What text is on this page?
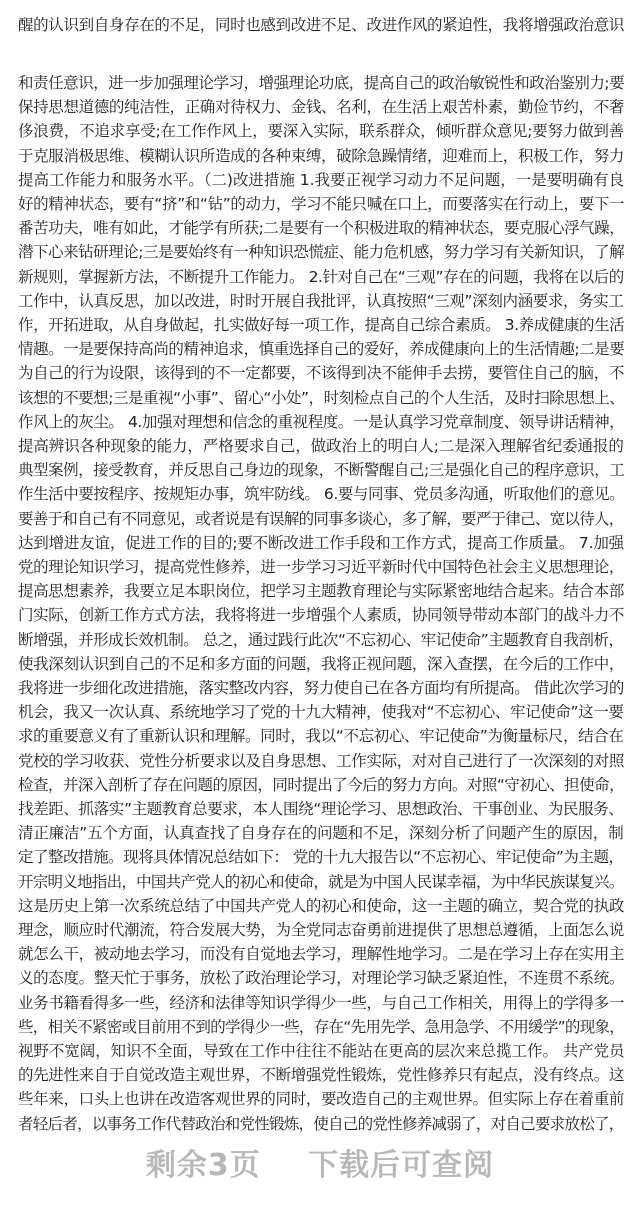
醒的认识到自身存在的不足，同时也感到改进不足、改进作风的紧迫性，我将增强政治意识
和责任意识，进一步加强理论学习，增强理论功底，提高自己的政治敏锐性和政治鉴别力;要
保持思想道德的纯洁性，正确对待权力、金钱、名利，在生活上艰苦朴素，勤俭节约，不奢
侈浪费，不追求享受;在工作作风上，要深入实际，联系群众，倾听群众意见;要努力做到善
于克服消极思维、模糊认识所造成的各种束缚，破除急躁情绪，迎难而上，积极工作，努力
提高工作能力和服务水平。（二)改进措施 1.我要正视学习动力不足问题，一是要明确有良
好的精神状态，要有“挤”和“钻”的动力，学习不能只喊在口上，而要落实在行动上，要下一
番苦功夫，唯有如此，才能学有所获;二是要有一个积极进取的精神状态，要克服心浮气躁，
潜下心来钻研理论;三是要始终有一种知识恐慌症、能力危机感，努力学习有关新知识，了解
新规则，掌握新方法，不断提升工作能力。 2.针对自己在“三观”存在的问题，我将在以后的
工作中，认真反思，加以改进，时时开展自我批评，认真按照“三观”深刻内涵要求，务实工
作，开拓进取，从自身做起，扎实做好每一项工作，提高自己综合素质。 3.养成健康的生活
情趣。一是要保持高尚的精神追求，慎重选择自己的爱好，养成健康向上的生活情趣;二是要
为自己的行为设限，该得到的不一定都要，不该得到决不能伸手去捞，要管住自己的脑，不
该想的不要想;三是重视“小事”、留心“小处”，时刻检点自己的个人生活，及时扫除思想上、
作风上的灰尘。 4.加强对理想和信念的重视程度。一是认真学习党章制度、领导讲话精神，
提高辨识各种现象的能力，严格要求自己，做政治上的明白人;二是深入理解省纪委通报的
典型案例，接受教育，并反思自己身边的现象，不断警醒自己;三是强化自己的程序意识，工
作生活中要按程序、按规矩办事，筑牢防线。 6.要与同事、党员多沟通，听取他们的意见。
要善于和自己有不同意见，或者说是有误解的同事多谈心，多了解，要严于律己、宽以待人，
达到增进友谊，促进工作的目的;要不断改进工作手段和工作方式，提高工作质量。 7.加强
党的理论知识学习，提高党性修养，进一步学习习近平新时代中国特色社会主义思想理论，
提高思想素养，我要立足本职岗位，把学习主题教育理论与实际紧密地结合起来。结合本部
门实际，创新工作方式方法，我将将进一步增强个人素质，协同领导带动本部门的战斗力不
断增强，并形成长效机制。 总之，通过践行此次“不忘初心、牢记使命”主题教育自我剖析，
使我深刻认识到自己的不足和多方面的问题，我将正视问题，深入查摆，在今后的工作中，
我将进一步细化改进措施，落实整改内容，努力使自己在各方面均有所提高。 借此次学习的
机会，我又一次认真、系统地学习了党的十九大精神，使我对“不忘初心、牢记使命”这一要
求的重要意义有了重新认识和理解。同时，我以“不忘初心、牢记使命”为衡量标尺，结合在
党校的学习收获、党性分析要求以及自身思想、工作实际，对对自己进行了一次深刻的对照
检查，并深入剖析了存在问题的原因，同时提出了今后的努力方向。对照“守初心、担使命，
找差距、抓落实”主题教育总要求，本人围绕“理论学习、思想政治、干事创业、为民服务、
清正廉洁”五个方面，认真查找了自身存在的问题和不足，深刻分析了问题产生的原因，制
定了整改措施。现将具体情况总结如下： 党的十九大报告以“不忘初心、牢记使命”为主题，
开宗明义地指出，中国共产党人的初心和使命，就是为中国人民谋幸福，为中华民族谋复兴。
这是历史上第一次系统总结了中国共产党人的初心和使命，这一主题的确立，契合党的执政
理念，顺应时代潮流，符合发展大势，为全党同志奋勇前进提供了思想总遵循，上面怎么说
就怎么干，被动地去学习，而没有自觉地去学习，理解性地学习。二是在学习上存在实用主
义的态度。整天忙于事务，放松了政治理论学习，对理论学习缺乏紧迫性，不连贯不系统。
业务书籍看得多一些，经济和法律等知识学得少一些，与自己工作相关，用得上的学得多一
些，相关不紧密或目前用不到的学得少一些，存在“先用先学、急用急学、不用缓学”的现象，
视野不宽阔，知识不全面，导致在工作中往往不能站在更高的层次来总揽工作。 共产党员
的先进性来自于自觉改造主观世界，不断增强党性锻炼，党性修养只有起点，没有终点。这
些年来，口头上也讲在改造客观世界的同时，要改造自己的主观世界。但实际上存在着重前
者轻后者，以事务工作代替政治和党性锻炼，使自己的党性修养减弱了，对自己要求放松了，
剩余3页 下载后可查阅
